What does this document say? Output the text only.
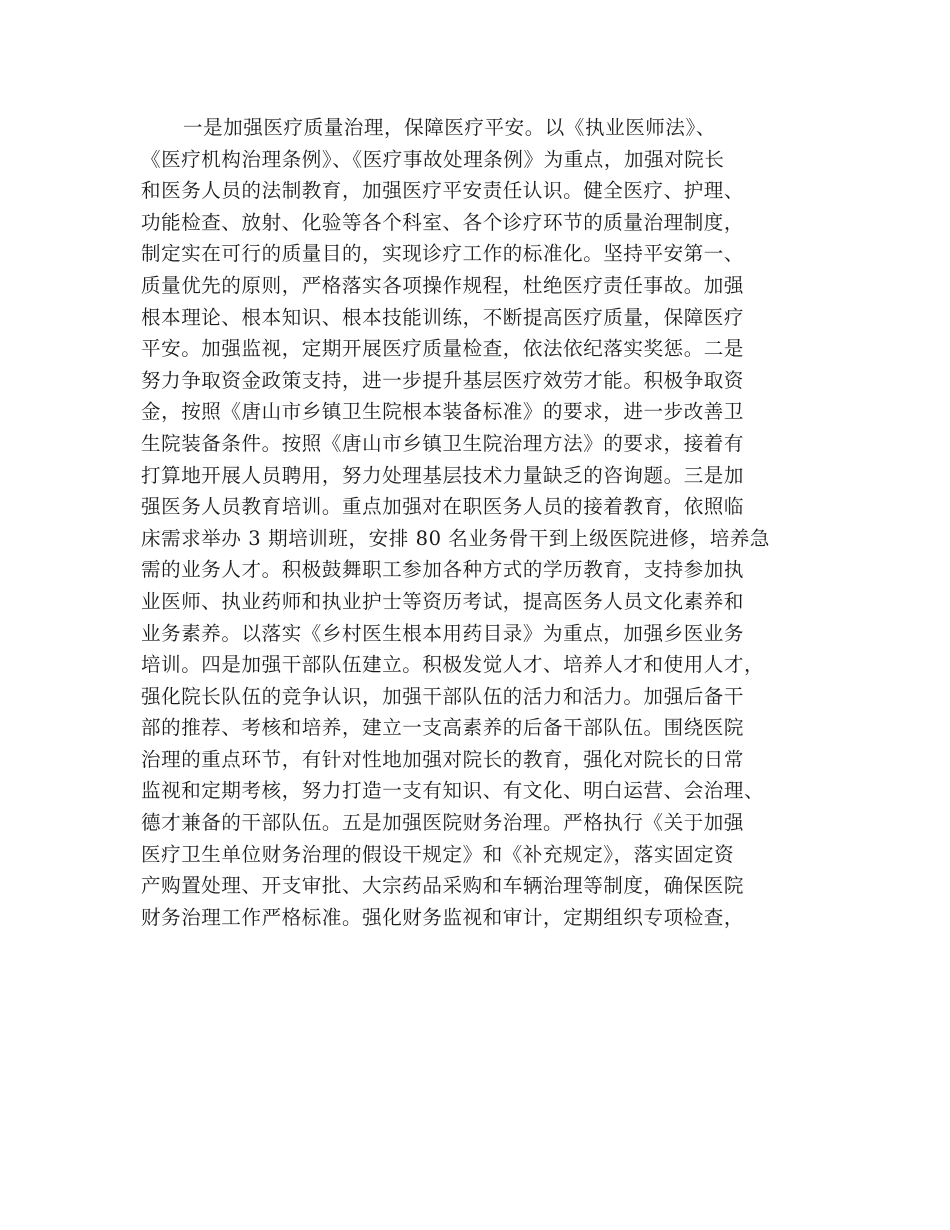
一是加强医疗质量治理，保障医疗平安。以《执业医师法》、
《医疗机构治理条例》、《医疗事故处理条例》为重点，加强对院长
和医务人员的法制教育，加强医疗平安责任认识。健全医疗、护理、
功能检查、放射、化验等各个科室、各个诊疗环节的质量治理制度，
制定实在可行的质量目的，实现诊疗工作的标准化。坚持平安第一、
质量优先的原则，严格落实各项操作规程，杜绝医疗责任事故。加强
根本理论、根本知识、根本技能训练，不断提高医疗质量，保障医疗
平安。加强监视，定期开展医疗质量检查，依法依纪落实奖惩。二是
努力争取资金政策支持，进一步提升基层医疗效劳才能。积极争取资
金，按照《唐山市乡镇卫生院根本装备标准》的要求，进一步改善卫
生院装备条件。按照《唐山市乡镇卫生院治理方法》的要求，接着有
打算地开展人员聘用，努力处理基层技术力量缺乏的咨询题。三是加
强医务人员教育培训。重点加强对在职医务人员的接着教育，依照临
床需求举办 3 期培训班，安排 80 名业务骨干到上级医院进修，培养急
需的业务人才。积极鼓舞职工参加各种方式的学历教育，支持参加执
业医师、执业药师和执业护士等资历考试，提高医务人员文化素养和
业务素养。以落实《乡村医生根本用药目录》为重点，加强乡医业务
培训。四是加强干部队伍建立。积极发觉人才、培养人才和使用人才，
强化院长队伍的竞争认识，加强干部队伍的活力和活力。加强后备干
部的推荐、考核和培养，建立一支高素养的后备干部队伍。围绕医院
治理的重点环节，有针对性地加强对院长的教育，强化对院长的日常
监视和定期考核，努力打造一支有知识、有文化、明白运营、会治理、
德才兼备的干部队伍。五是加强医院财务治理。严格执行《关于加强
医疗卫生单位财务治理的假设干规定》和《补充规定》，落实固定资
产购置处理、开支审批、大宗药品采购和车辆治理等制度，确保医院
财务治理工作严格标准。强化财务监视和审计，定期组织专项检查，
